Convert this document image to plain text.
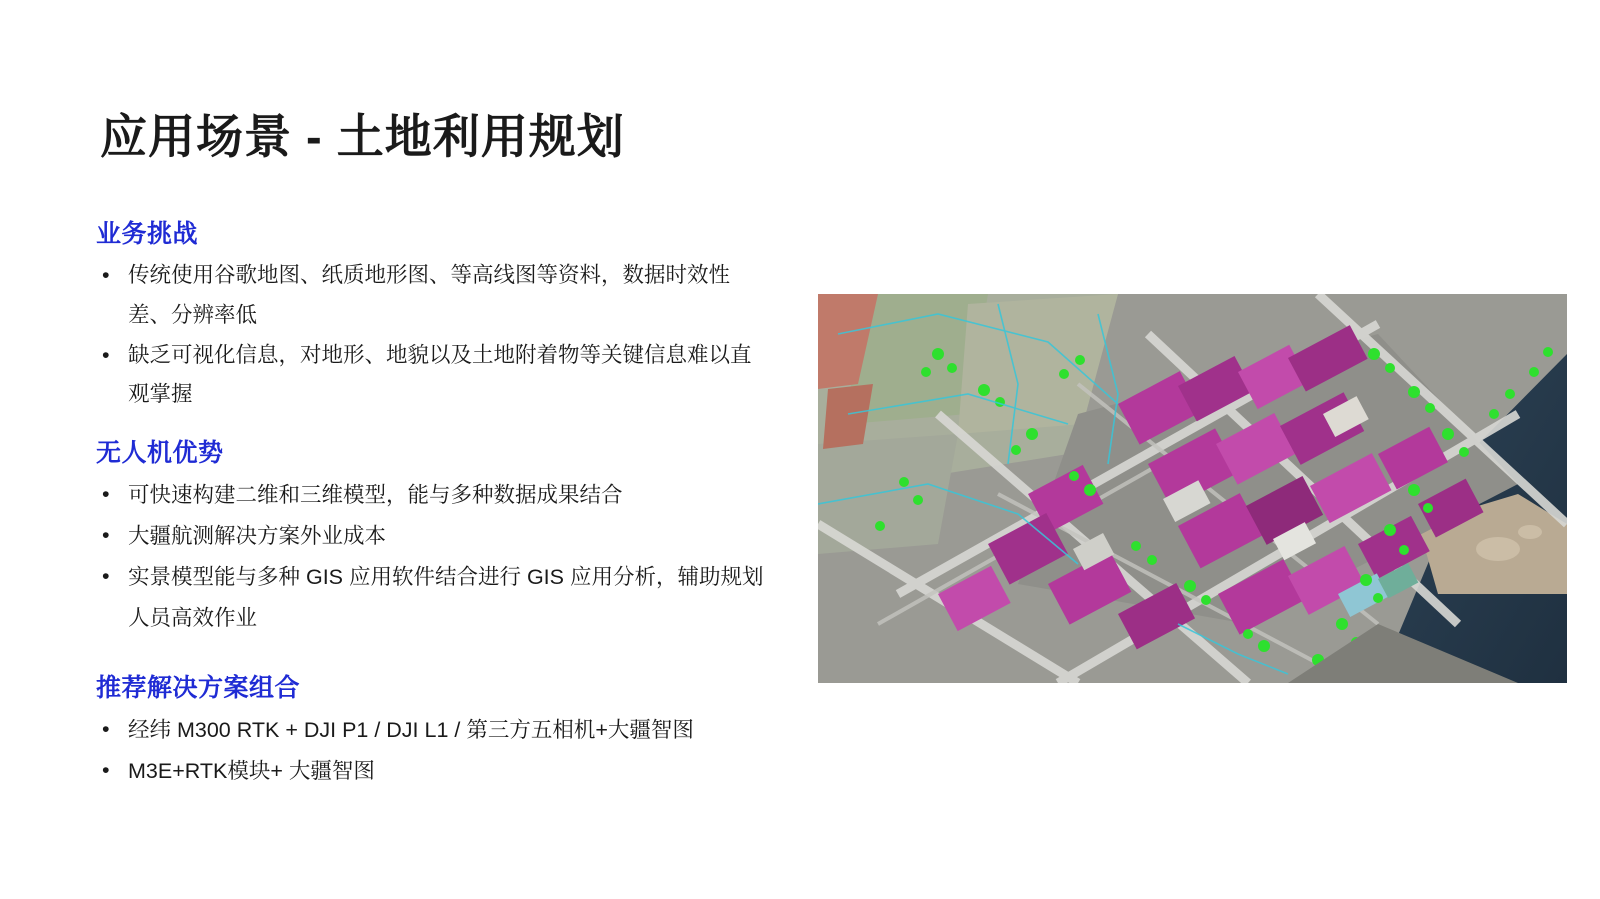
应用场景 - 土地利用规划
业务挑战
• 传统使用谷歌地图、纸质地形图、等高线图等资料，数据时效性差、分辨率低
• 缺乏可视化信息，对地形、地貌以及土地附着物等关键信息难以直观掌握
无人机优势
• 可快速构建二维和三维模型，能与多种数据成果结合
• 大疆航测解决方案外业成本
• 实景模型能与多种 GIS 应用软件结合进行 GIS 应用分析，辅助规划人员高效作业
推荐解决方案组合
• 经纬 M300 RTK + DJI P1 / DJI L1 / 第三方五相机+大疆智图
• M3E+RTK模块+ 大疆智图
